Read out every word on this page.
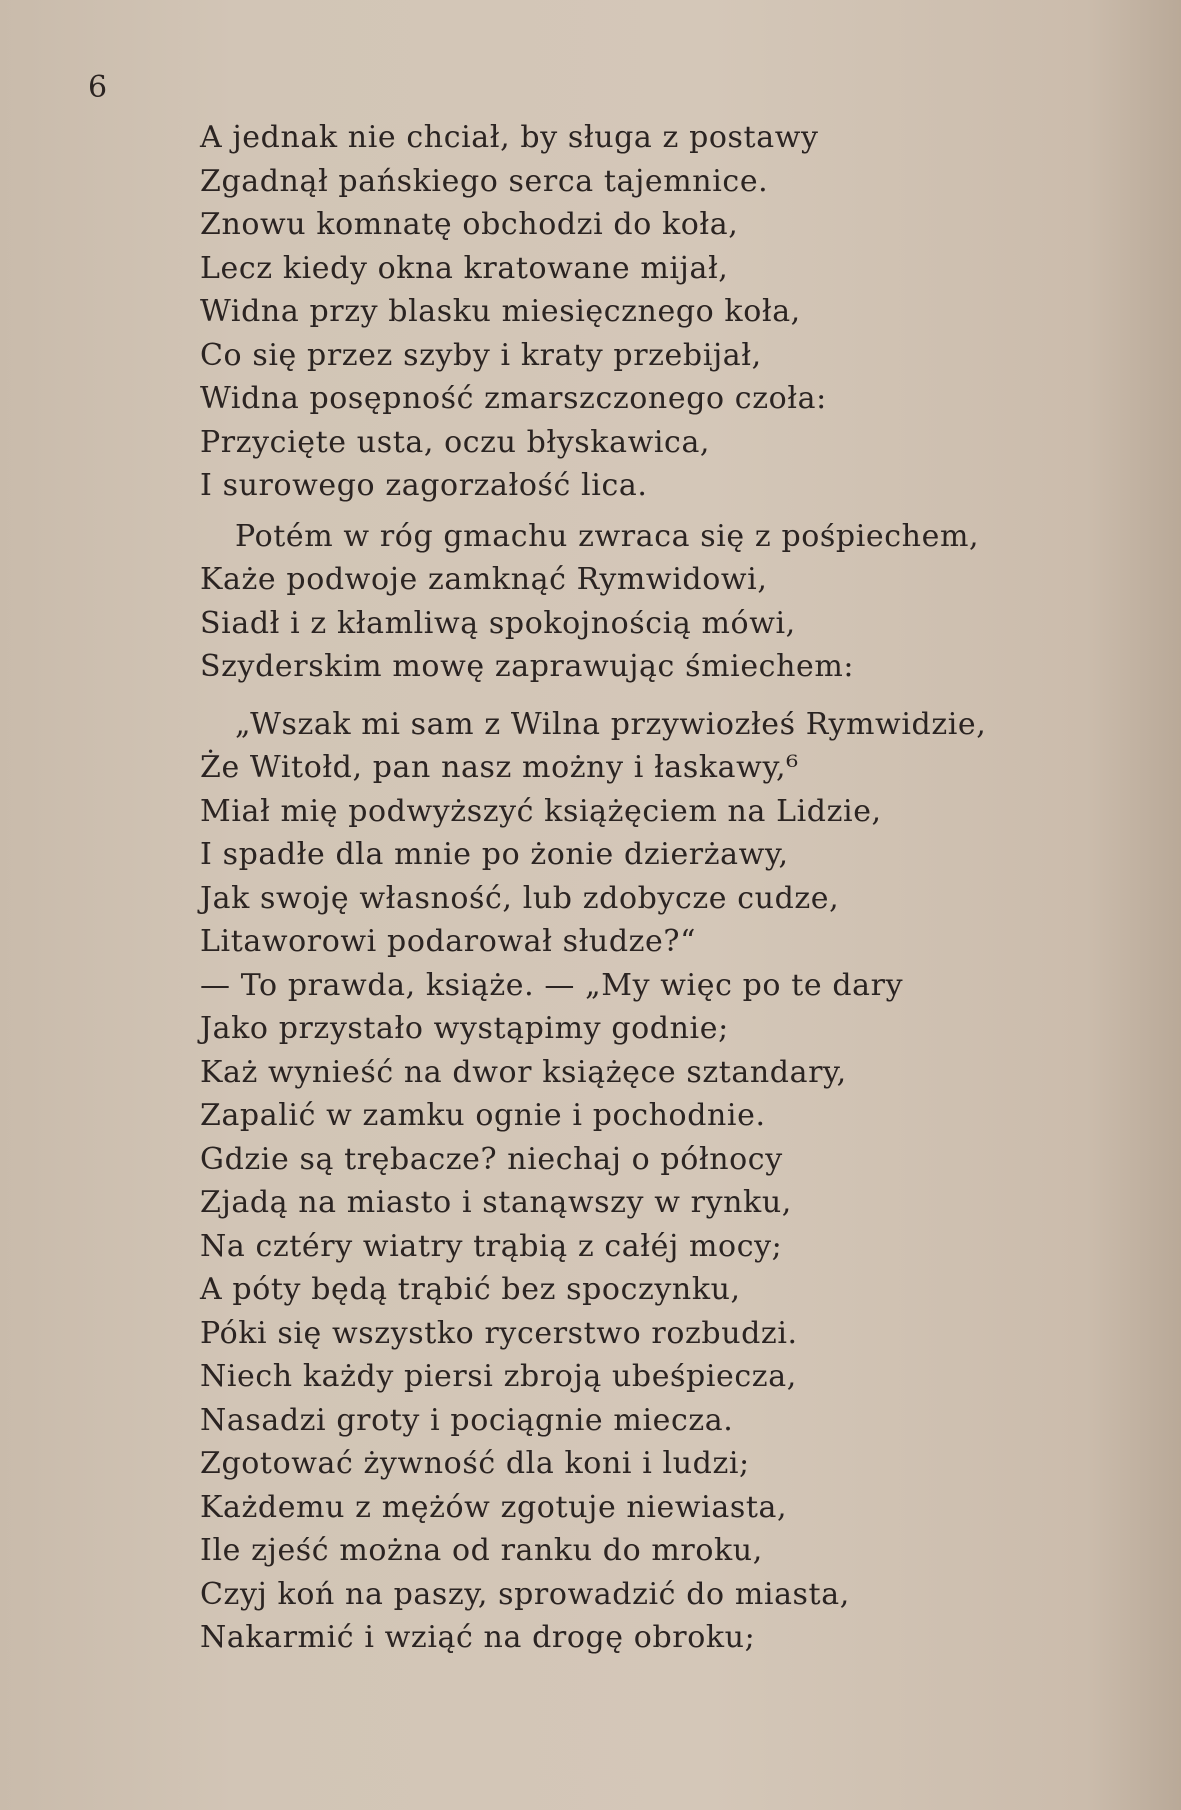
6
A jednak nie chciał, by sługa z postawy
Zgadnął pańskiego serca tajemnice.
Znowu komnatę obchodzi do koła,
Lecz kiedy okna kratowane mijał,
Widna przy blasku miesięcznego koła,
Co się przez szyby i kraty przebijał,
Widna posępność zmarszczonego czoła:
Przycięte usta, oczu błyskawica,
I surowego zagorzałość lica.
Potém w róg gmachu zwraca się z pośpiechem,
Każe podwoje zamknąć Rymwidowi,
Siadł i z kłamliwą spokojnością mówi,
Szyderskim mowę zaprawując śmiechem:
„Wszak mi sam z Wilna przywiozłeś Rymwidzie,
Że Witołd, pan nasz możny i łaskawy,⁶
Miał mię podwyższyć książęciem na Lidzie,
I spadłe dla mnie po żonie dzierżawy,
Jak swoję własność, lub zdobycze cudze,
Litaworowi podarował słudze?“
— To prawda, książe. — „My więc po te dary
Jako przystało wystąpimy godnie;
Każ wynieść na dwor książęce sztandary,
Zapalić w zamku ognie i pochodnie.
Gdzie są trębacze? niechaj o północy
Zjadą na miasto i stanąwszy w rynku,
Na cztéry wiatry trąbią z całéj mocy;
A póty będą trąbić bez spoczynku,
Póki się wszystko rycerstwo rozbudzi.
Niech każdy piersi zbroją ubeśpiecza,
Nasadzi groty i pociągnie miecza.
Zgotować żywność dla koni i ludzi;
Każdemu z mężów zgotuje niewiasta,
Ile zjeść można od ranku do mroku,
Czyj koń na paszy, sprowadzić do miasta,
Nakarmić i wziąć na drogę obroku;
